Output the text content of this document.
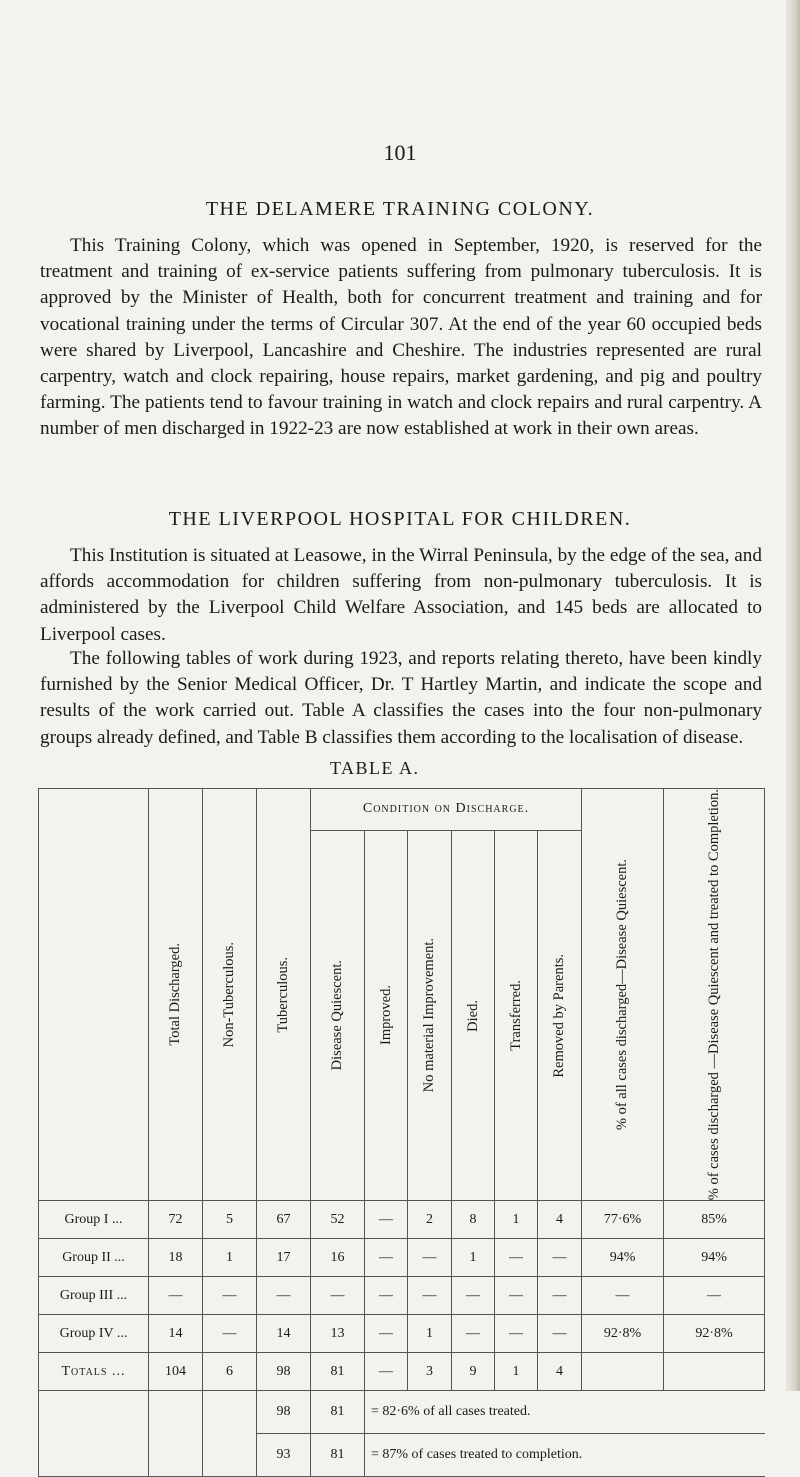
101
THE DELAMERE TRAINING COLONY.
This Training Colony, which was opened in September, 1920, is reserved for the treatment and training of ex-service patients suffering from pulmonary tuberculosis. It is approved by the Minister of Health, both for concurrent treatment and training and for vocational training under the terms of Circular 307. At the end of the year 60 occupied beds were shared by Liverpool, Lancashire and Cheshire. The industries represented are rural carpentry, watch and clock repairing, house repairs, market gardening, and pig and poultry farming. The patients tend to favour training in watch and clock repairs and rural carpentry. A number of men discharged in 1922-23 are now established at work in their own areas.
THE LIVERPOOL HOSPITAL FOR CHILDREN.
This Institution is situated at Leasowe, in the Wirral Peninsula, by the edge of the sea, and affords accommodation for children suffering from non-pulmonary tuberculosis. It is administered by the Liverpool Child Welfare Association, and 145 beds are allocated to Liverpool cases.
The following tables of work during 1923, and reports relating thereto, have been kindly furnished by the Senior Medical Officer, Dr. T Hartley Martin, and indicate the scope and results of the work carried out. Table A classifies the cases into the four non-pulmonary groups already defined, and Table B classifies them according to the localisation of disease.
TABLE A.

	Total Discharged.	Non-Tuberculous.	Tuberculous.	Condition on Discharge.						% of all cases discharged—Disease Quiescent.	% of cases discharged —Disease Quiescent and treated to Completion.

				Disease Quiescent.	Improved.	No material Improvement.	Died.	Transferred.	Removed by Parents.		

Group I ...	72	5	67	52	—	2	8	1	4	77·6%	85%
Group II ...	18	1	17	16	—	—	1	—	—	94%	94%
Group III ...	—	—	—	—	—	—	—	—	—	—	—
Group IV ...	14	—	14	13	—	1	—	—	—	92·8%	92·8%
Totals ...	104	6	98	81	—	3	9	1	4		
			98	81	= 82·6% of all cases treated.						
			93	81	= 87% of cases treated to completion.						
